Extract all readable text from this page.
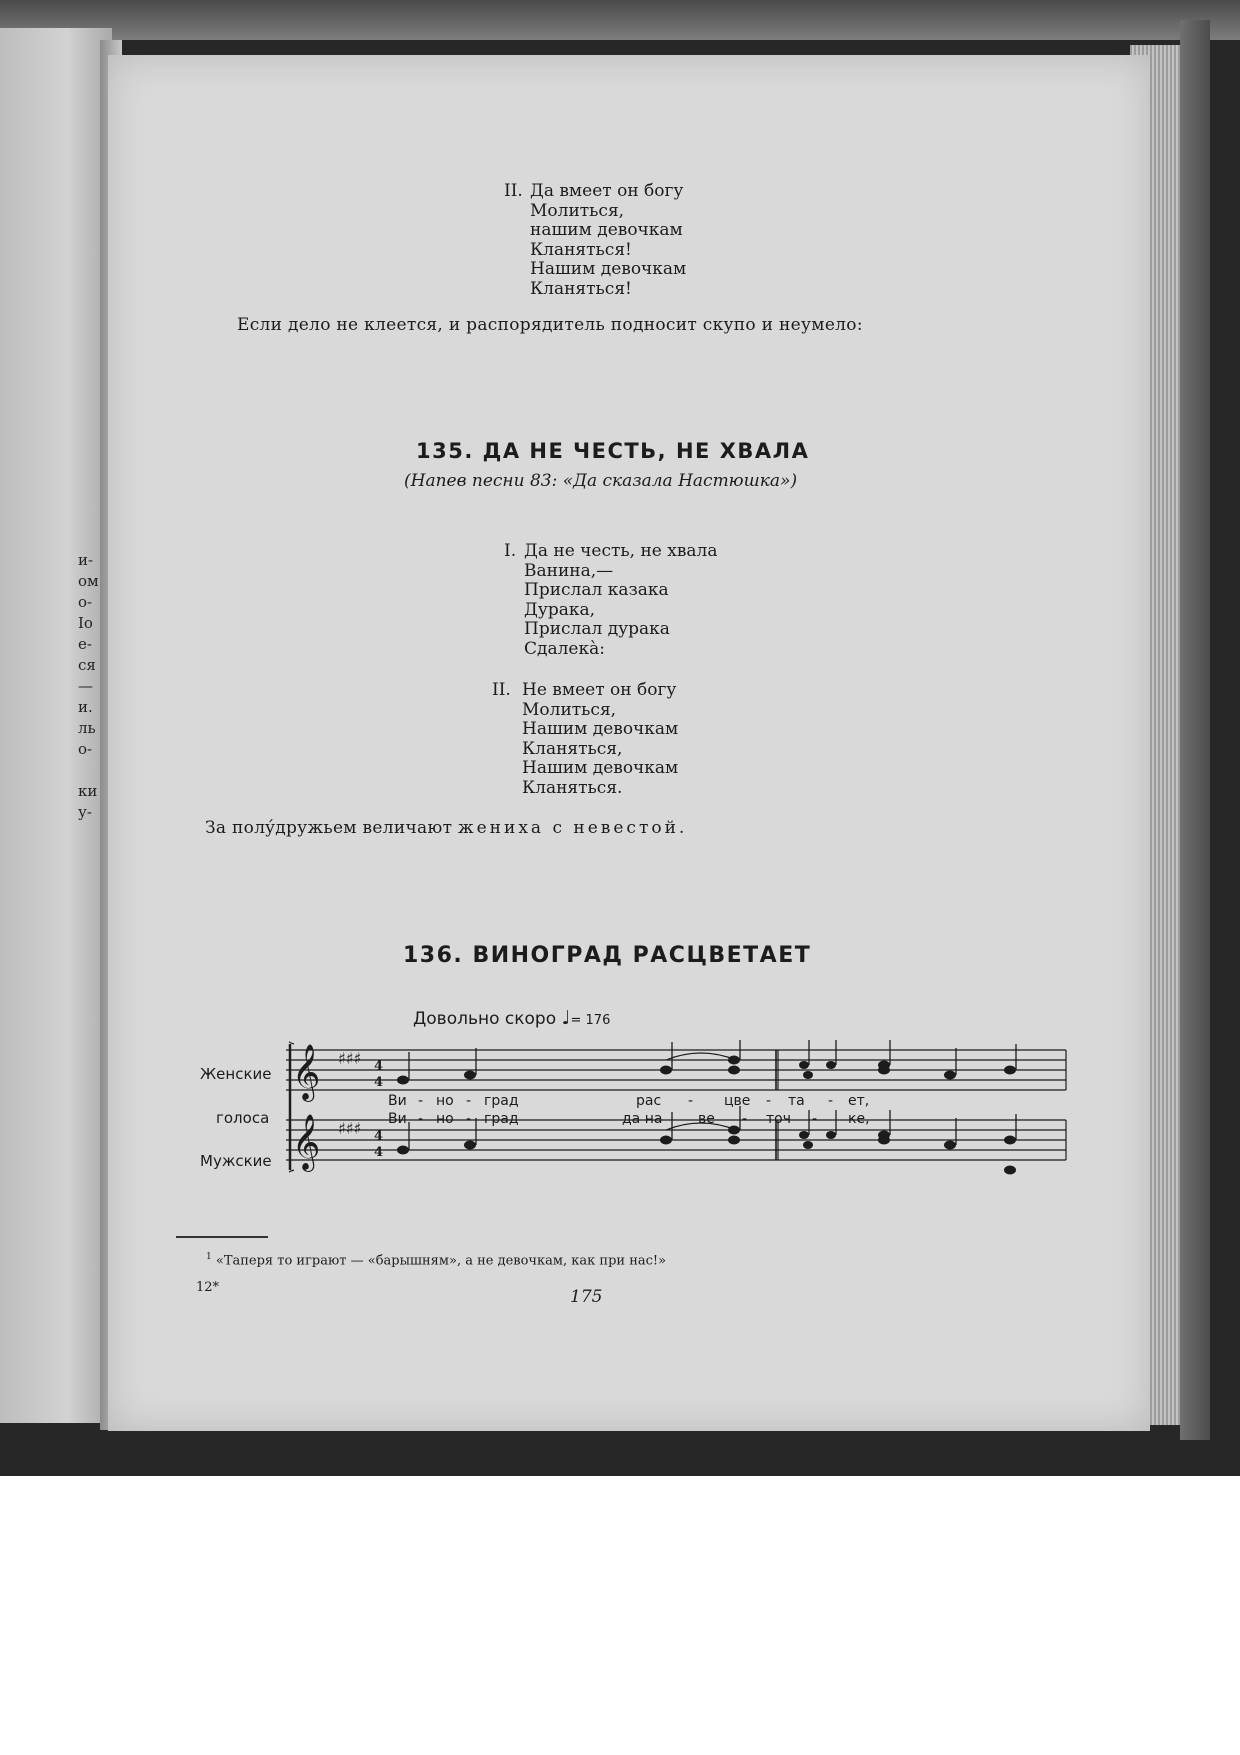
и-
ом
о-
Io
е-
ся
—
и.
ль
о-

ки
у-
II. Да вмеет он богу
Молиться,
нашим девочкам
Кланяться!
Нашим девочкам
Кланяться!
Если дело не клеется, и распорядитель подносит скупо и неумело:
135. ДА НЕ ЧЕСТЬ, НЕ ХВАЛА
(Напев песни 83: «Да сказала Настюшка»)
I. Да не честь, не хвала
Ванина,—
Прислал казака
Дурака,
Прислал дурака
Сдалекà:
II. Не вмеет он богу
Молиться,
Нашим девочкам
Кланяться,
Нашим девочкам
Кланяться.
За полýдружьем величают жениха с невестой.
136. ВИНОГРАД РАСЦВЕТАЕТ
Довольно скоро ♩= 176
Женские
голоса
Мужские
𝄞
𝄞
♯♯♯
♯♯♯
4
4
4
4
Ви - но - град	рас - цве - та - ет,
Ви - но - град	да на	ве - точ - ке,
$^1$ «Таперя то играют — «барышням», а не девочкам, как при нас!»
12*	175
